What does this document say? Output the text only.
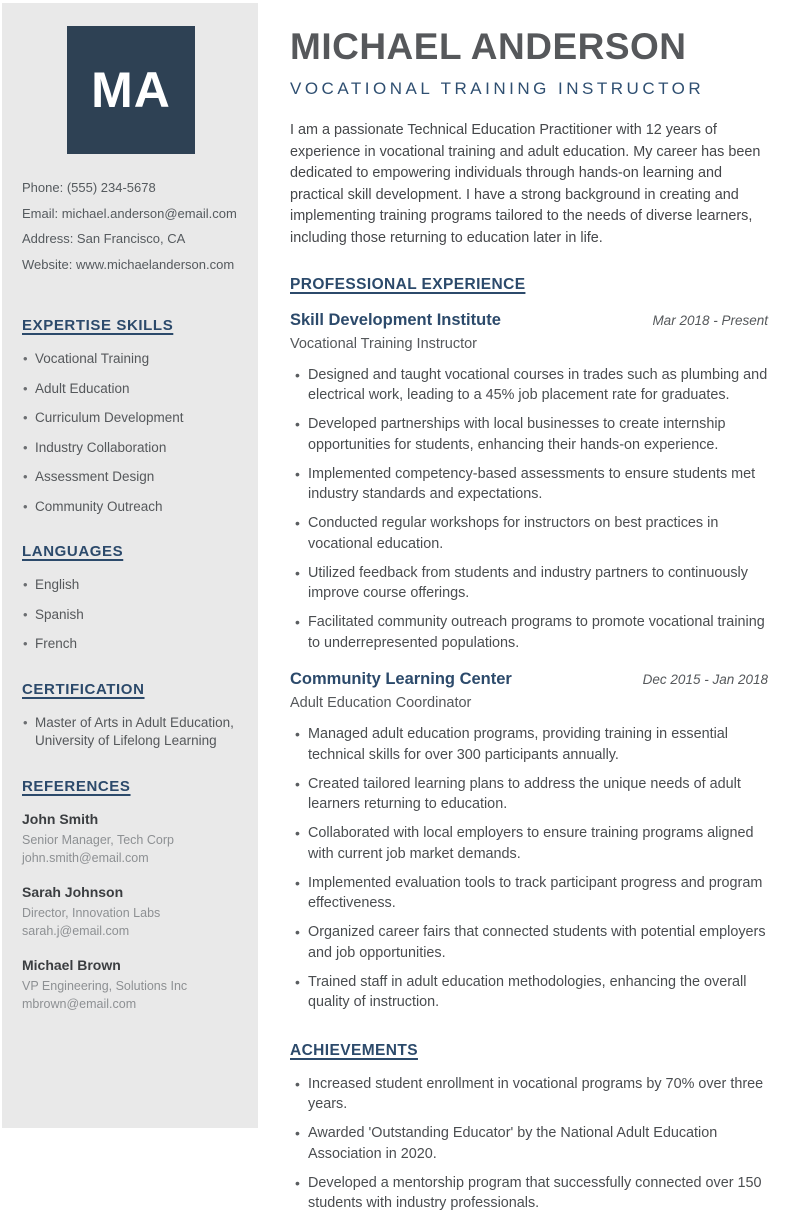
MA
Phone: (555) 234-5678
Email: michael.anderson@email.com
Address: San Francisco, CA
Website: www.michaelanderson.com
EXPERTISE SKILLS
• Vocational Training
• Adult Education
• Curriculum Development
• Industry Collaboration
• Assessment Design
• Community Outreach
LANGUAGES
• English
• Spanish
• French
CERTIFICATION
• Master of Arts in Adult Education, University of Lifelong Learning
REFERENCES
John Smith
Senior Manager, Tech Corp
john.smith@email.com
Sarah Johnson
Director, Innovation Labs
sarah.j@email.com
Michael Brown
VP Engineering, Solutions Inc
mbrown@email.com
MICHAEL ANDERSON
VOCATIONAL TRAINING INSTRUCTOR

I am a passionate Technical Education Practitioner with 12 years of experience in vocational training and adult education. My career has been dedicated to empowering individuals through hands-on learning and practical skill development. I have a strong background in creating and implementing training programs tailored to the needs of diverse learners, including those returning to education later in life.

PROFESSIONAL EXPERIENCE
Skill Development Institute	Mar 2018 - Present
Vocational Training Instructor
• Designed and taught vocational courses in trades such as plumbing and electrical work, leading to a 45% job placement rate for graduates.
• Developed partnerships with local businesses to create internship opportunities for students, enhancing their hands-on experience.
• Implemented competency-based assessments to ensure students met industry standards and expectations.
• Conducted regular workshops for instructors on best practices in vocational education.
• Utilized feedback from students and industry partners to continuously improve course offerings.
• Facilitated community outreach programs to promote vocational training to underrepresented populations.
Community Learning Center	Dec 2015 - Jan 2018
Adult Education Coordinator
• Managed adult education programs, providing training in essential technical skills for over 300 participants annually.
• Created tailored learning plans to address the unique needs of adult learners returning to education.
• Collaborated with local employers to ensure training programs aligned with current job market demands.
• Implemented evaluation tools to track participant progress and program effectiveness.
• Organized career fairs that connected students with potential employers and job opportunities.
• Trained staff in adult education methodologies, enhancing the overall quality of instruction.
ACHIEVEMENTS
• Increased student enrollment in vocational programs by 70% over three years.
• Awarded 'Outstanding Educator' by the National Adult Education Association in 2020.
• Developed a mentorship program that successfully connected over 150 students with industry professionals.
